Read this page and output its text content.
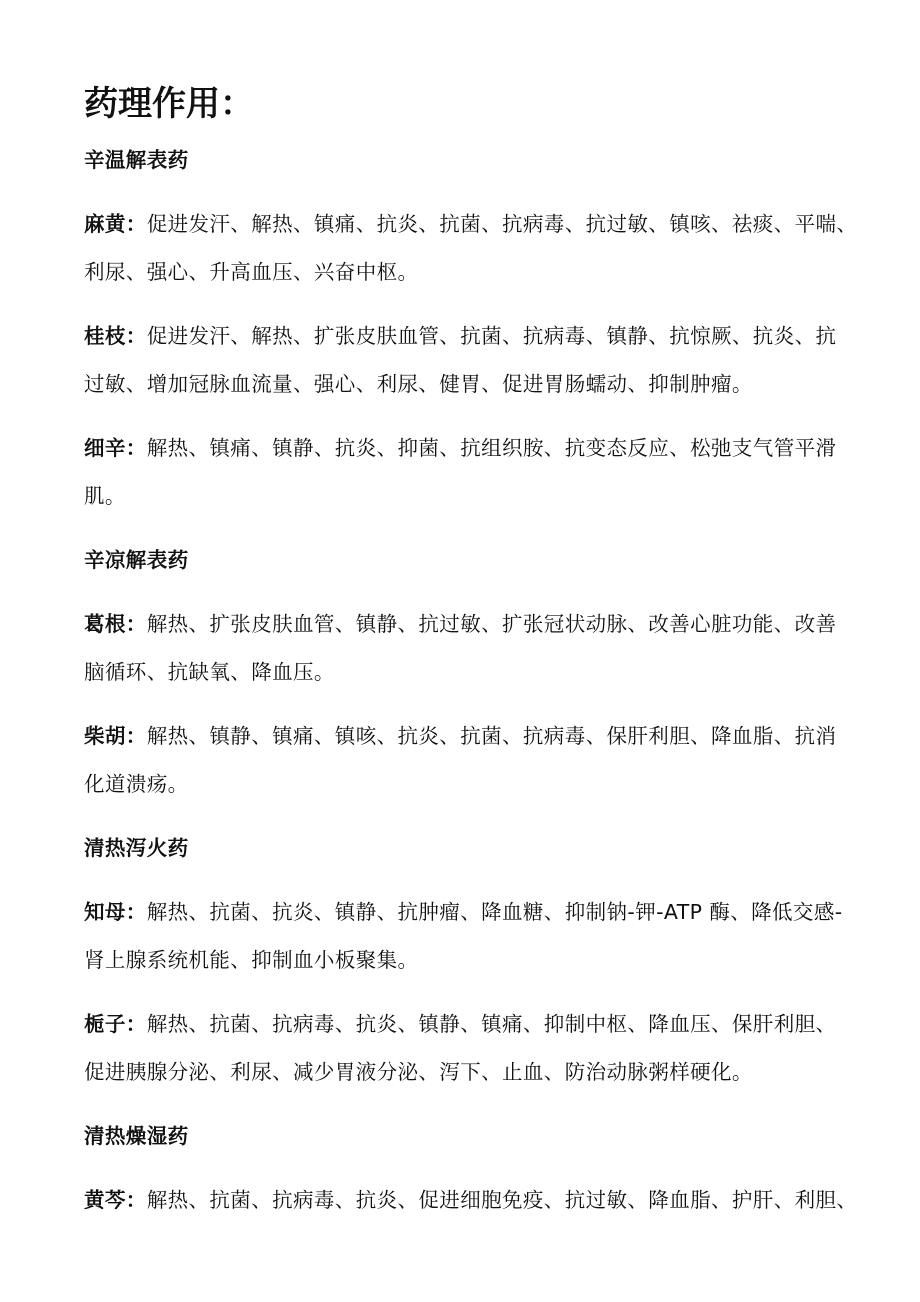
药理作用：
辛温解表药
麻黄：促进发汗、解热、镇痛、抗炎、抗菌、抗病毒、抗过敏、镇咳、祛痰、平喘、
利尿、强心、升高血压、兴奋中枢。
桂枝：促进发汗、解热、扩张皮肤血管、抗菌、抗病毒、镇静、抗惊厥、抗炎、抗
过敏、增加冠脉血流量、强心、利尿、健胃、促进胃肠蠕动、抑制肿瘤。
细辛：解热、镇痛、镇静、抗炎、抑菌、抗组织胺、抗变态反应、松弛支气管平滑
肌。
辛凉解表药
葛根：解热、扩张皮肤血管、镇静、抗过敏、扩张冠状动脉、改善心脏功能、改善
脑循环、抗缺氧、降血压。
柴胡：解热、镇静、镇痛、镇咳、抗炎、抗菌、抗病毒、保肝利胆、降血脂、抗消
化道溃疡。
清热泻火药
知母：解热、抗菌、抗炎、镇静、抗肿瘤、降血糖、抑制钠-钾-ATP 酶、降低交感-
肾上腺系统机能、抑制血小板聚集。
栀子：解热、抗菌、抗病毒、抗炎、镇静、镇痛、抑制中枢、降血压、保肝利胆、
促进胰腺分泌、利尿、减少胃液分泌、泻下、止血、防治动脉粥样硬化。
清热燥湿药
黄芩：解热、抗菌、抗病毒、抗炎、促进细胞免疫、抗过敏、降血脂、护肝、利胆、
